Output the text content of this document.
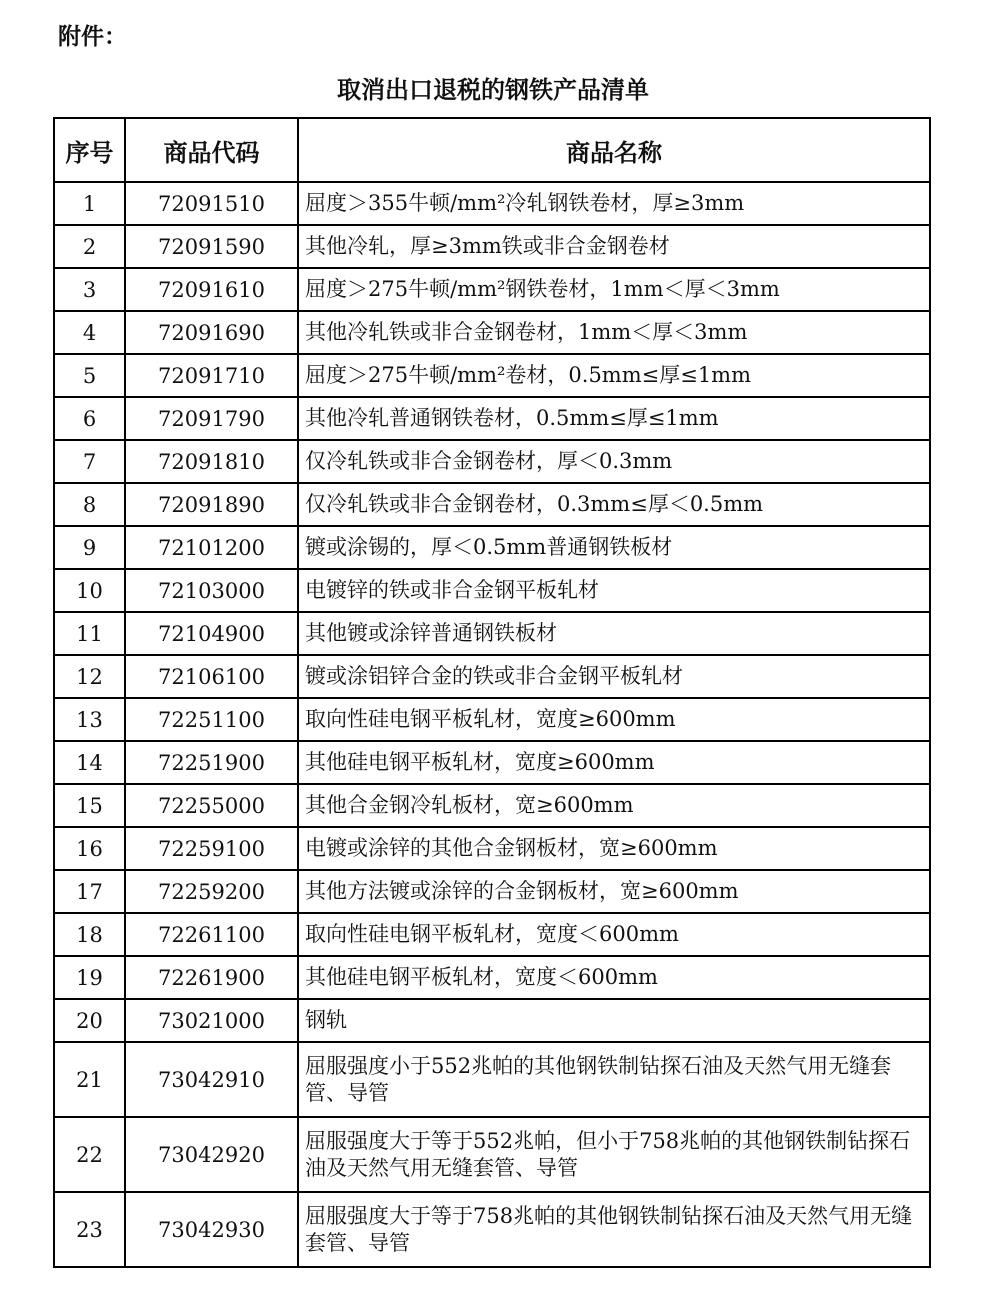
附件：
取消出口退税的钢铁产品清单
序号	商品代码	商品名称
1	72091510	屈度＞355牛顿/mm²冷轧钢铁卷材，厚≥3mm
2	72091590	其他冷轧，厚≥3mm铁或非合金钢卷材
3	72091610	屈度＞275牛顿/mm²钢铁卷材，1mm＜厚＜3mm
4	72091690	其他冷轧铁或非合金钢卷材，1mm＜厚＜3mm
5	72091710	屈度＞275牛顿/mm²卷材，0.5mm≤厚≤1mm
6	72091790	其他冷轧普通钢铁卷材，0.5mm≤厚≤1mm
7	72091810	仅冷轧铁或非合金钢卷材，厚＜0.3mm
8	72091890	仅冷轧铁或非合金钢卷材，0.3mm≤厚＜0.5mm
9	72101200	镀或涂锡的，厚＜0.5mm普通钢铁板材
10	72103000	电镀锌的铁或非合金钢平板轧材
11	72104900	其他镀或涂锌普通钢铁板材
12	72106100	镀或涂铝锌合金的铁或非合金钢平板轧材
13	72251100	取向性硅电钢平板轧材，宽度≥600mm
14	72251900	其他硅电钢平板轧材，宽度≥600mm
15	72255000	其他合金钢冷轧板材，宽≥600mm
16	72259100	电镀或涂锌的其他合金钢板材，宽≥600mm
17	72259200	其他方法镀或涂锌的合金钢板材，宽≥600mm
18	72261100	取向性硅电钢平板轧材，宽度＜600mm
19	72261900	其他硅电钢平板轧材，宽度＜600mm
20	73021000	钢轨
21	73042910	屈服强度小于552兆帕的其他钢铁制钻探石油及天然气用无缝套管、导管
22	73042920	屈服强度大于等于552兆帕，但小于758兆帕的其他钢铁制钻探石油及天然气用无缝套管、导管
23	73042930	屈服强度大于等于758兆帕的其他钢铁制钻探石油及天然气用无缝套管、导管
